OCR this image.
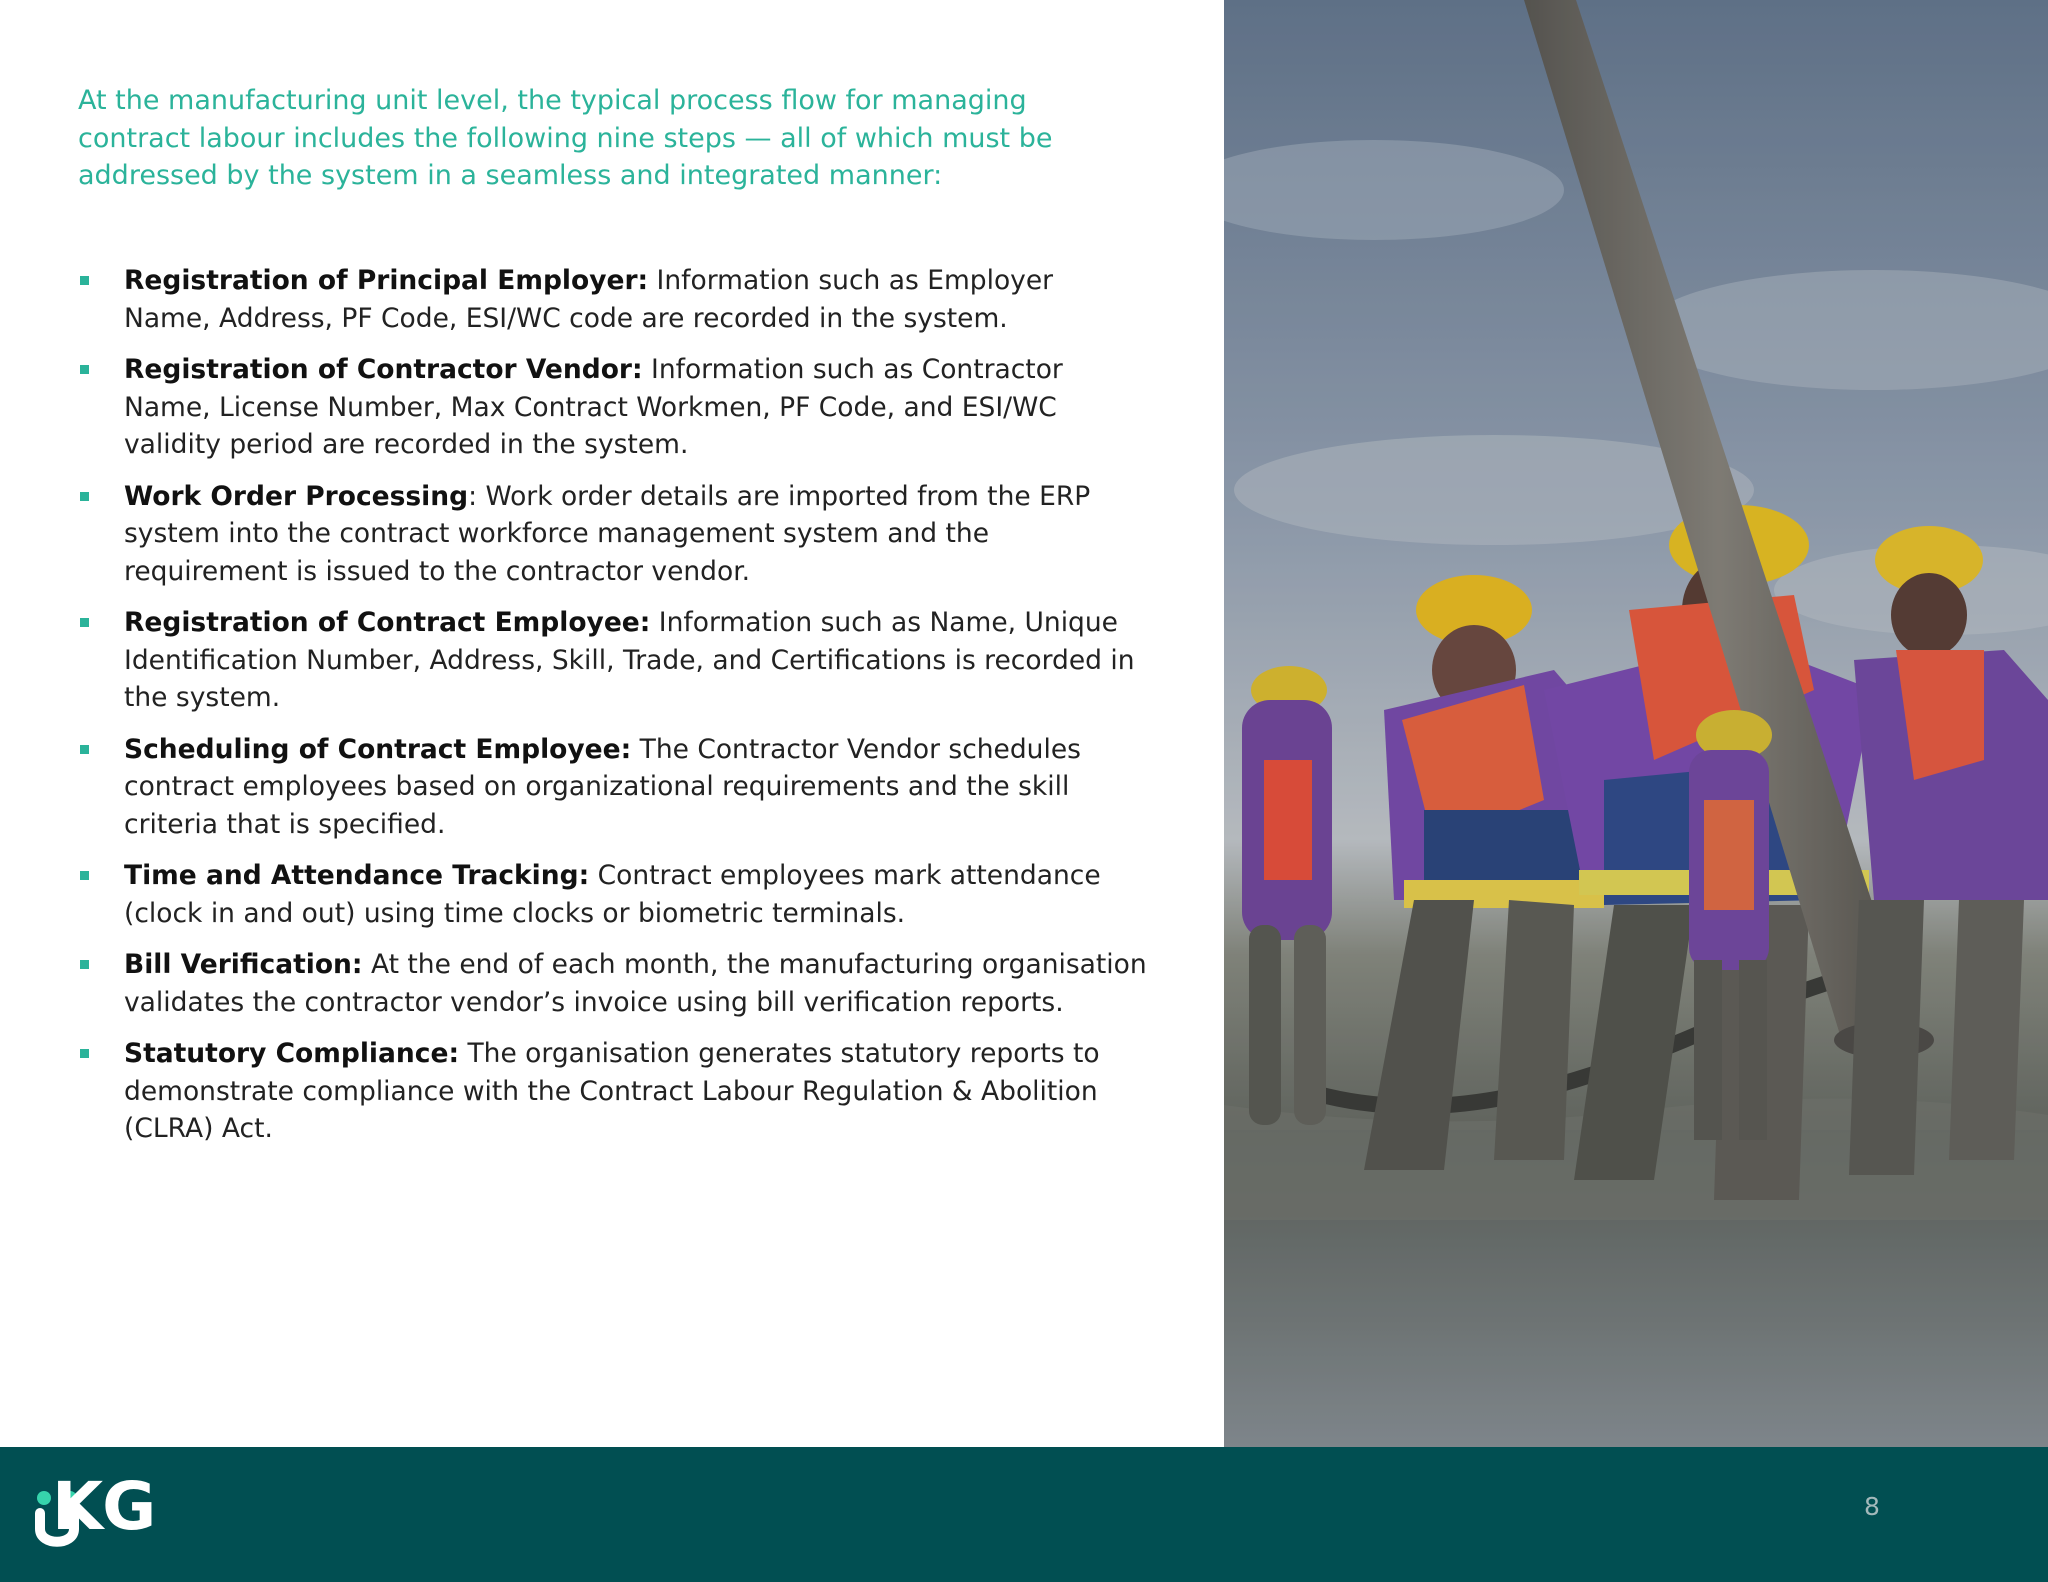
At the manufacturing unit level, the typical process flow for managing contract labour includes the following nine steps — all of which must be addressed by the system in a seamless and integrated manner:

Registration of Principal Employer: Information such as Employer Name, Address, PF Code, ESI/WC code are recorded in the system.
Registration of Contractor Vendor: Information such as Contractor Name, License Number, Max Contract Workmen, PF Code, and ESI/WC validity period are recorded in the system.
Work Order Processing: Work order details are imported from the ERP system into the contract workforce management system and the requirement is issued to the contractor vendor.
Registration of Contract Employee: Information such as Name, Unique Identification Number, Address, Skill, Trade, and Certifications is recorded in the system.
Scheduling of Contract Employee: The Contractor Vendor schedules contract employees based on organizational requirements and the skill criteria that is specified.
Time and Attendance Tracking: Contract employees mark attendance (clock in and out) using time clocks or biometric terminals.
Bill Verification: At the end of each month, the manufacturing organisation validates the contractor vendor’s invoice using bill verification reports.
Statutory Compliance: The organisation generates statutory reports to demonstrate compliance with the Contract Labour Regulation & Abolition (CLRA) Act.
KG	8
